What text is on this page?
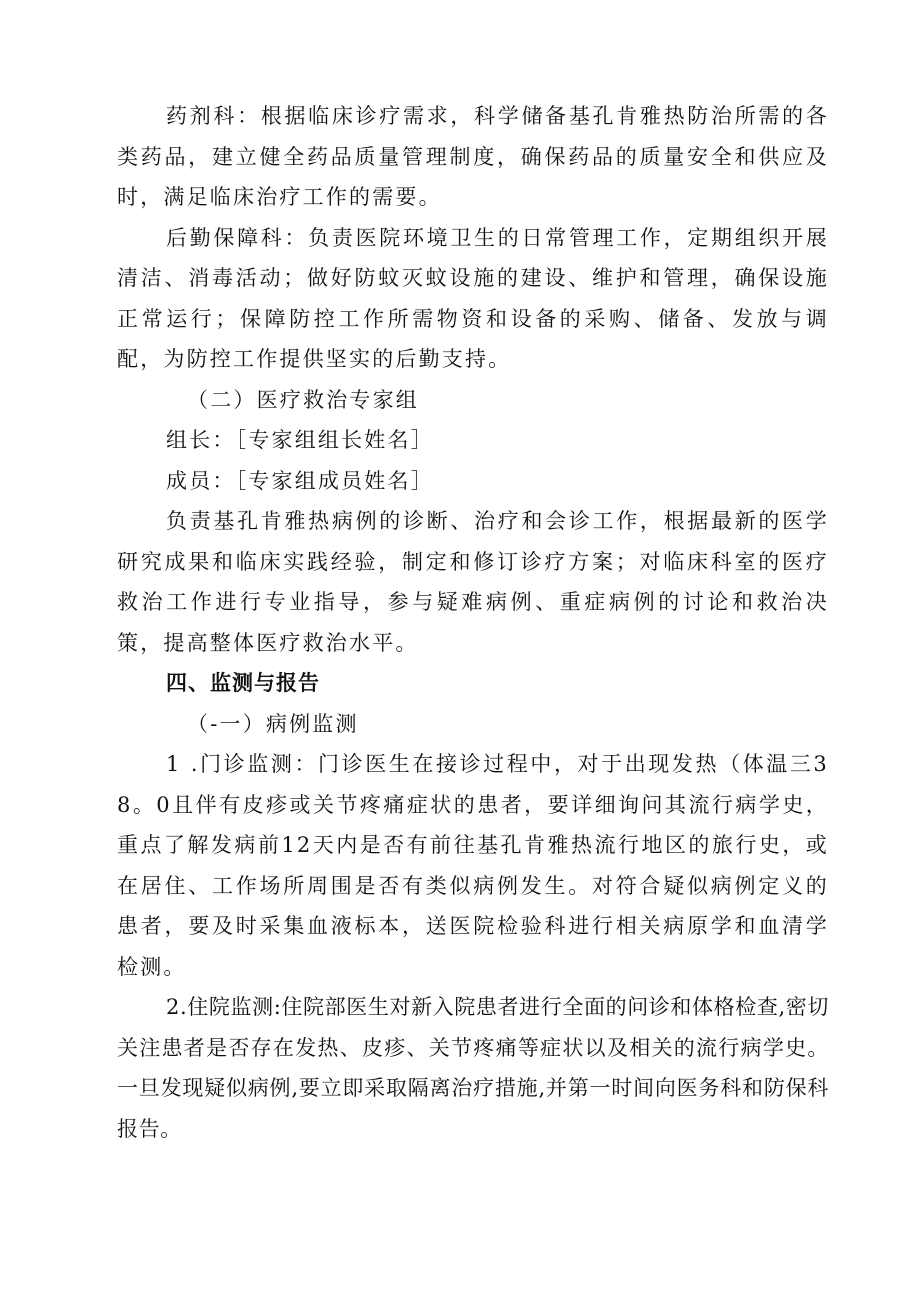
药剂科：根据临床诊疗需求，科学储备基孔肯雅热防治所需的各类药品，建立健全药品质量管理制度，确保药品的质量安全和供应及时，满足临床治疗工作的需要。

后勤保障科：负责医院环境卫生的日常管理工作，定期组织开展清洁、消毒活动；做好防蚊灭蚊设施的建设、维护和管理，确保设施正常运行；保障防控工作所需物资和设备的采购、储备、发放与调配，为防控工作提供坚实的后勤支持。

（二）医疗救治专家组

组长：［专家组组长姓名］

成员：［专家组成员姓名］

负责基孔肯雅热病例的诊断、治疗和会诊工作，根据最新的医学研究成果和临床实践经验，制定和修订诊疗方案；对临床科室的医疗救治工作进行专业指导，参与疑难病例、重症病例的讨论和救治决策，提高整体医疗救治水平。

四、监测与报告

（-一）病例监测

1 .门诊监测：门诊医生在接诊过程中，对于出现发热（体温三38。0且伴有皮疹或关节疼痛症状的患者，要详细询问其流行病学史，重点了解发病前12天内是否有前往基孔肯雅热流行地区的旅行史，或在居住、工作场所周围是否有类似病例发生。对符合疑似病例定义的患者，要及时采集血液标本，送医院检验科进行相关病原学和血清学检测。

2.住院监测:住院部医生对新入院患者进行全面的问诊和体格检查,密切关注患者是否存在发热、皮疹、关节疼痛等症状以及相关的流行病学史。一旦发现疑似病例,要立即采取隔离治疗措施,并第一时间向医务科和防保科报告。
